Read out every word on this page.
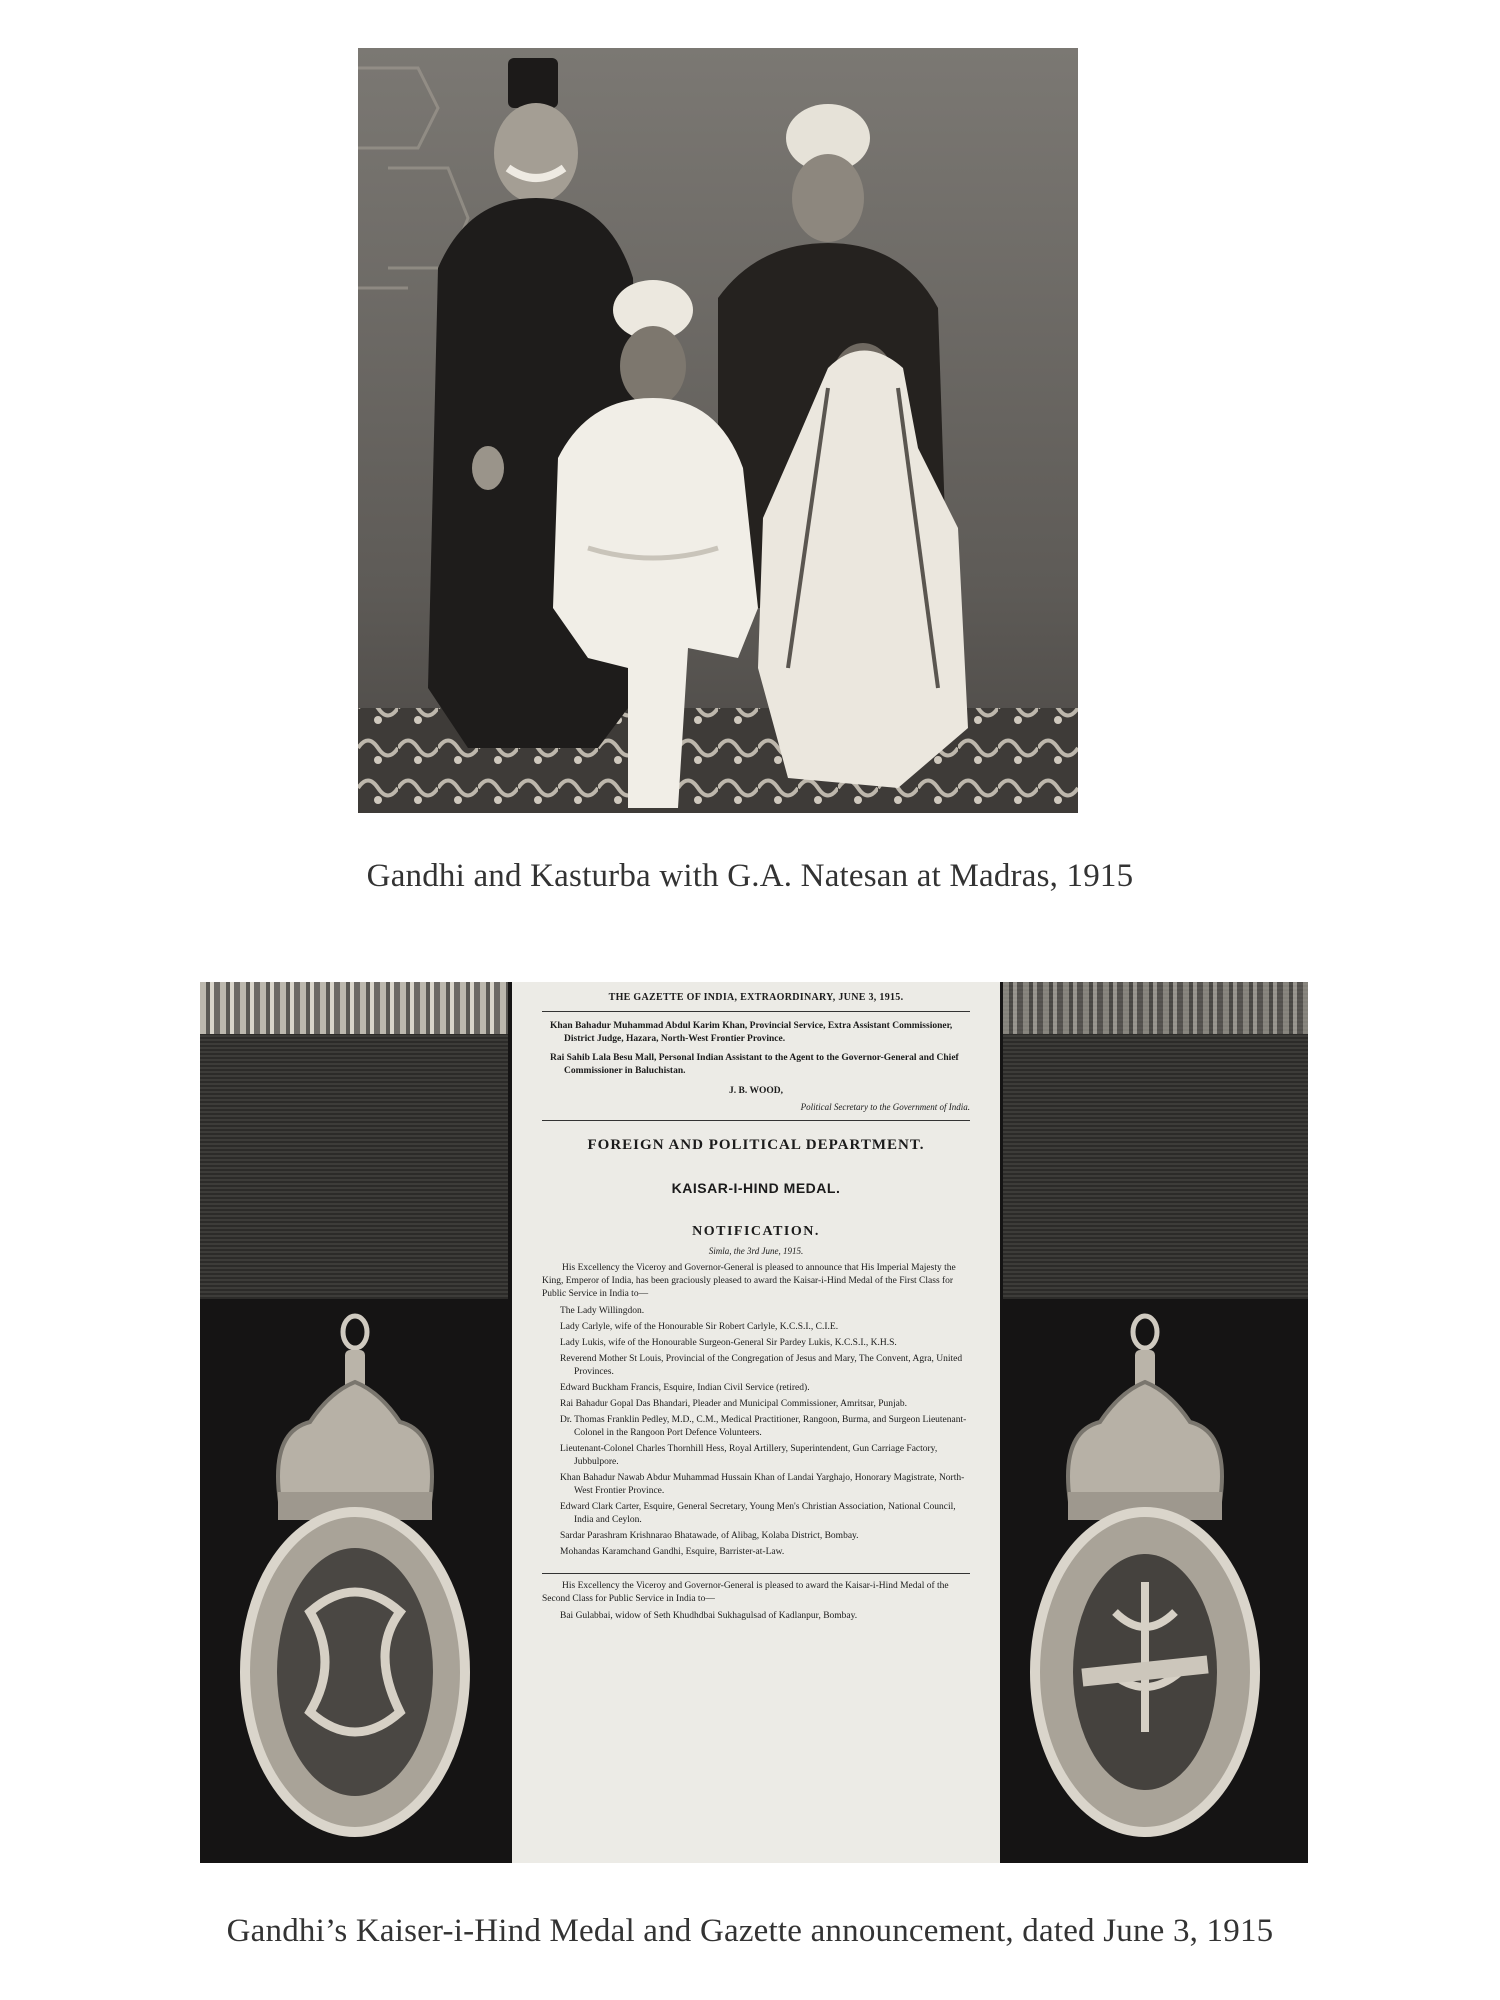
Gandhi and Kasturba with G.A. Natesan at Madras, 1915
THE GAZETTE OF INDIA, EXTRAORDINARY, JUNE 3, 1915.
Khan Bahadur Muhammad Abdul Karim Khan, Provincial Service, Extra Assistant Commissioner, District Judge, Hazara, North-West Frontier Province.
Rai Sahib Lala Besu Mall, Personal Indian Assistant to the Agent to the Governor-General and Chief Commissioner in Baluchistan.
J. B. WOOD,
Political Secretary to the Government of India.
FOREIGN AND POLITICAL DEPARTMENT.
KAISAR-I-HIND MEDAL.
NOTIFICATION.
Simla, the 3rd June, 1915.
His Excellency the Viceroy and Governor-General is pleased to announce that His Imperial Majesty the King, Emperor of India, has been graciously pleased to award the Kaisar-i-Hind Medal of the First Class for Public Service in India to—
The Lady Willingdon.
Lady Carlyle, wife of the Honourable Sir Robert Carlyle, K.C.S.I., C.I.E.
Lady Lukis, wife of the Honourable Surgeon-General Sir Pardey Lukis, K.C.S.I., K.H.S.
Reverend Mother St Louis, Provincial of the Congregation of Jesus and Mary, The Convent, Agra, United Provinces.
Edward Buckham Francis, Esquire, Indian Civil Service (retired).
Rai Bahadur Gopal Das Bhandari, Pleader and Municipal Commissioner, Amritsar, Punjab.
Dr. Thomas Franklin Pedley, M.D., C.M., Medical Practitioner, Rangoon, Burma, and Surgeon Lieutenant-Colonel in the Rangoon Port Defence Volunteers.
Lieutenant-Colonel Charles Thornhill Hess, Royal Artillery, Superintendent, Gun Carriage Factory, Jubbulpore.
Khan Bahadur Nawab Abdur Muhammad Hussain Khan of Landai Yarghajo, Honorary Magistrate, North-West Frontier Province.
Edward Clark Carter, Esquire, General Secretary, Young Men's Christian Association, National Council, India and Ceylon.
Sardar Parashram Krishnarao Bhatawade, of Alibag, Kolaba District, Bombay.
Mohandas Karamchand Gandhi, Esquire, Barrister-at-Law.
His Excellency the Viceroy and Governor-General is pleased to award the Kaisar-i-Hind Medal of the Second Class for Public Service in India to—
Bai Gulabbai, widow of Seth Khudhdbai Sukhagulsad of Kadlanpur, Bombay.
Gandhi’s Kaiser-i-Hind Medal and Gazette announcement, dated June 3, 1915
